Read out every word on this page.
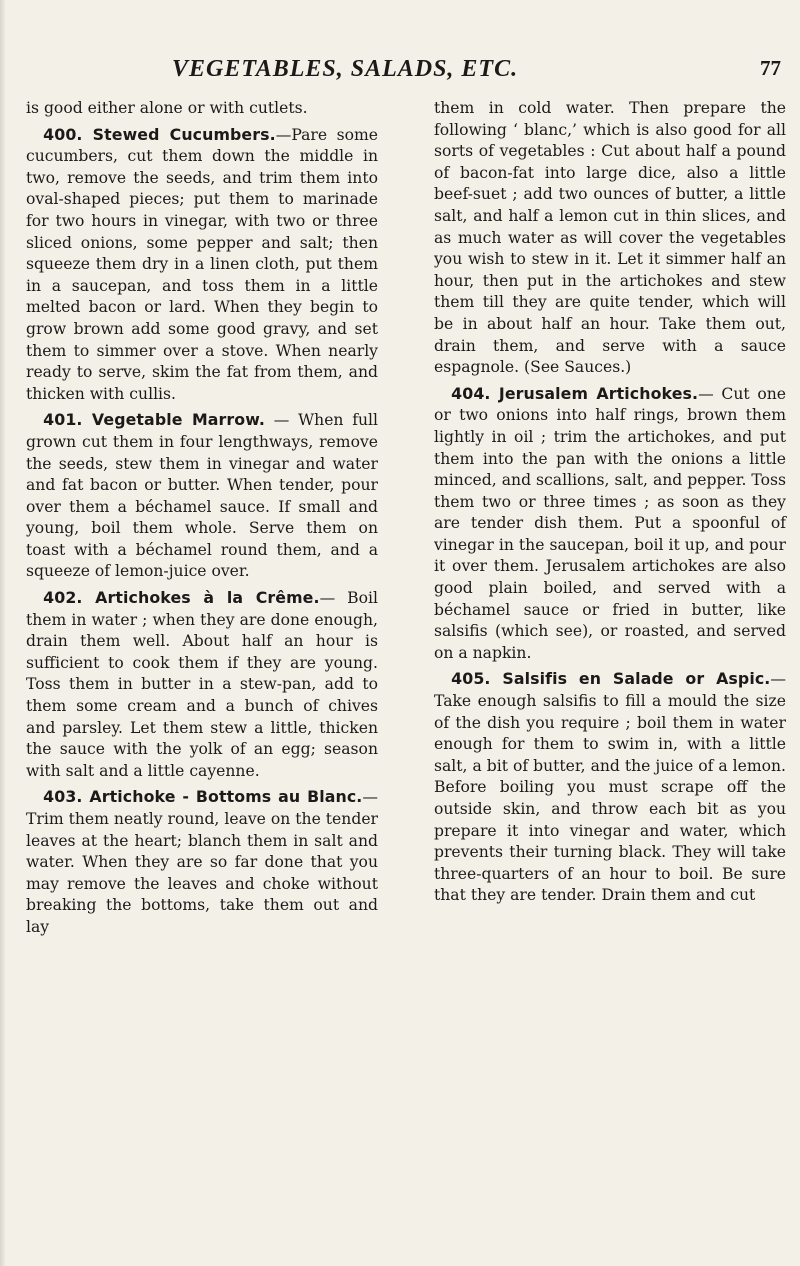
VEGETABLES, SALADS, ETC.	77

is good either alone or with cutlets.

400. Stewed Cucumbers.—Pare some cucumbers, cut them down the middle in two, remove the seeds, and trim them into oval-shaped pieces; put them to marinade for two hours in vinegar, with two or three sliced onions, some pepper and salt; then squeeze them dry in a linen cloth, put them in a saucepan, and toss them in a little melted bacon or lard. When they begin to grow brown add some good gravy, and set them to simmer over a stove. When nearly ready to serve, skim the fat from them, and thicken with cullis.

401. Vegetable Marrow. — When full grown cut them in four lengthways, remove the seeds, stew them in vinegar and water and fat bacon or butter. When tender, pour over them a béchamel sauce. If small and young, boil them whole. Serve them on toast with a béchamel round them, and a squeeze of lemon-juice over.

402. Artichokes à la Crême.— Boil them in water ; when they are done enough, drain them well. About half an hour is sufficient to cook them if they are young. Toss them in butter in a stew-pan, add to them some cream and a bunch of chives and parsley. Let them stew a little, thicken the sauce with the yolk of an egg; season with salt and a little cayenne.

403. Artichoke - Bottoms au Blanc.—Trim them neatly round, leave on the tender leaves at the heart; blanch them in salt and water. When they are so far done that you may remove the leaves and choke without breaking the bottoms, take them out and lay

them in cold water. Then prepare the following ‘ blanc,’ which is also good for all sorts of vegetables : Cut about half a pound of bacon-fat into large dice, also a little beef-suet ; add two ounces of butter, a little salt, and half a lemon cut in thin slices, and as much water as will cover the vegetables you wish to stew in it. Let it simmer half an hour, then put in the artichokes and stew them till they are quite tender, which will be in about half an hour. Take them out, drain them, and serve with a sauce espagnole. (See Sauces.)

404. Jerusalem Artichokes.— Cut one or two onions into half rings, brown them lightly in oil ; trim the artichokes, and put them into the pan with the onions a little minced, and scallions, salt, and pepper. Toss them two or three times ; as soon as they are tender dish them. Put a spoonful of vinegar in the saucepan, boil it up, and pour it over them. Jerusalem artichokes are also good plain boiled, and served with a béchamel sauce or fried in butter, like salsifis (which see), or roasted, and served on a napkin.

405. Salsifis en Salade or Aspic.—Take enough salsifis to fill a mould the size of the dish you require ; boil them in water enough for them to swim in, with a little salt, a bit of butter, and the juice of a lemon. Before boiling you must scrape off the outside skin, and throw each bit as you prepare it into vinegar and water, which prevents their turning black. They will take three-quarters of an hour to boil. Be sure that they are tender. Drain them and cut
